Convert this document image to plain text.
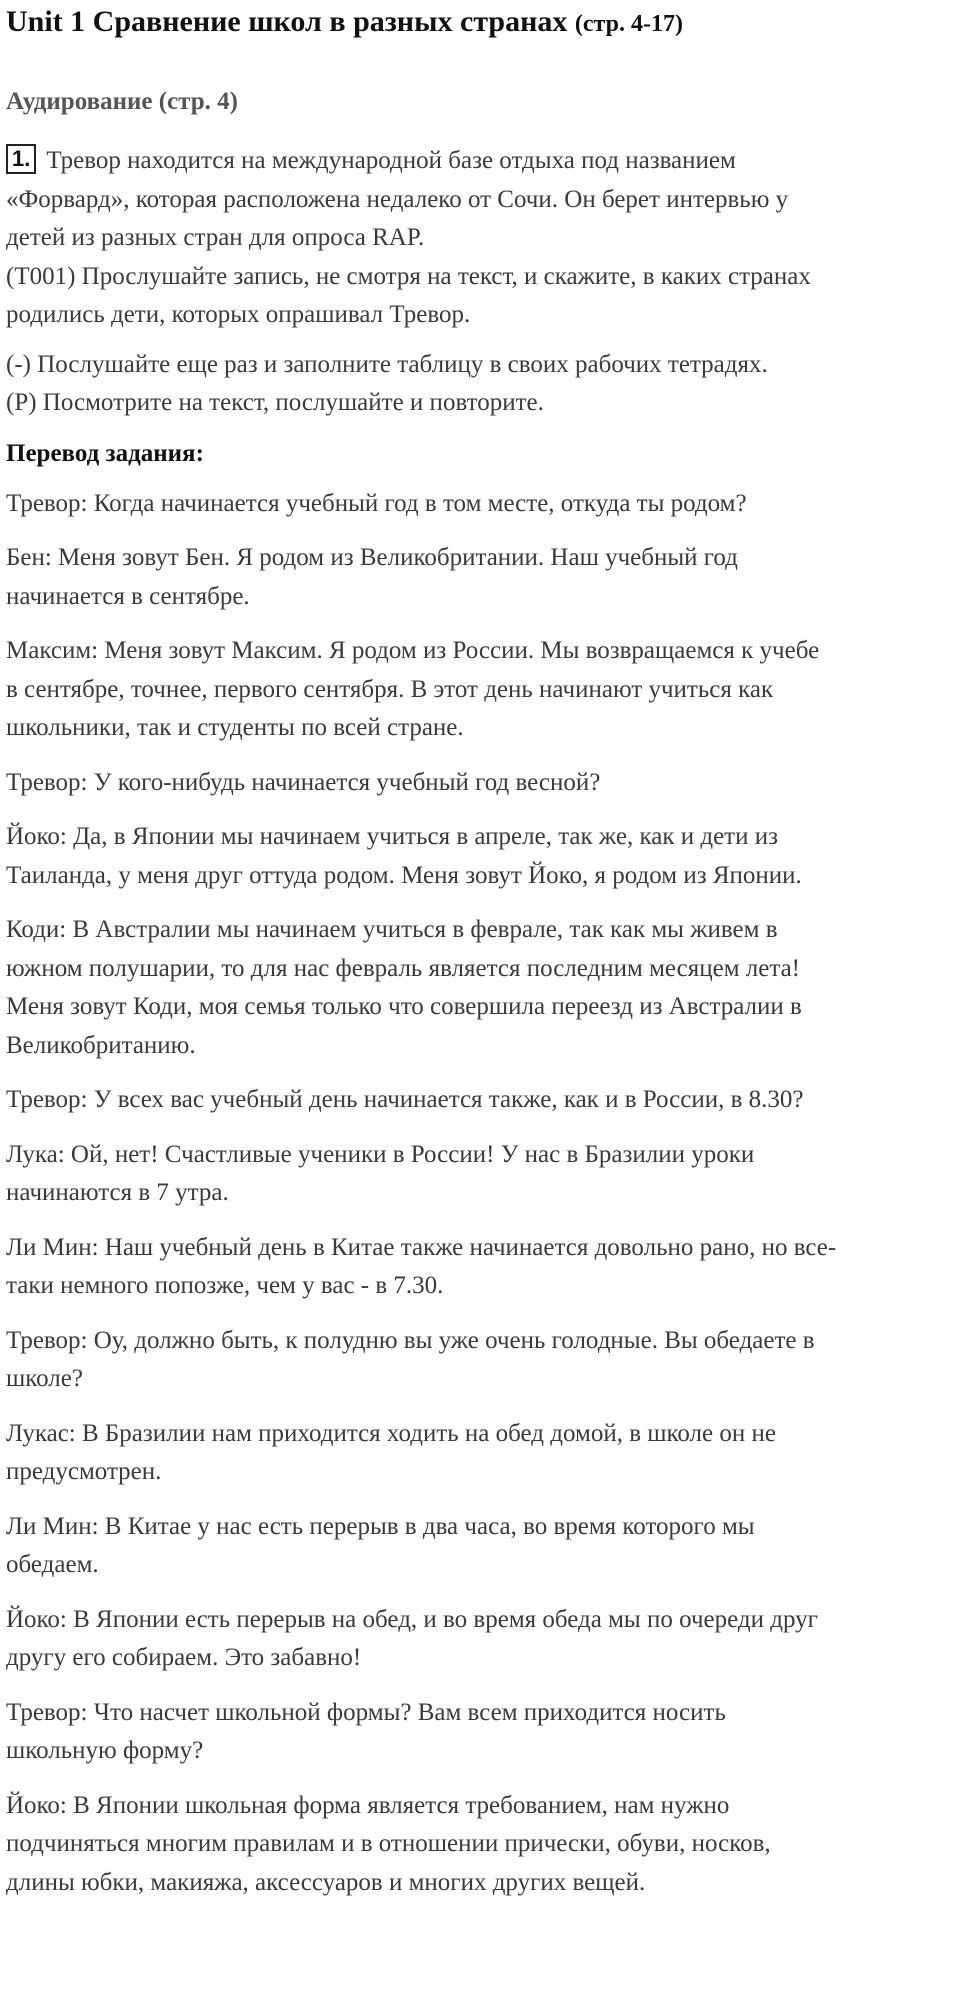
Unit 1 Сравнение школ в разных странах (стр. 4-17)
Аудирование (стр. 4)
1. Тревор находится на международной базе отдыха под названием
«Форвард», которая расположена недалеко от Сочи. Он берет интервью у
детей из разных стран для опроса RAP.
(T001) Прослушайте запись, не смотря на текст, и скажите, в каких странах
родились дети, которых опрашивал Тревор.
(-) Послушайте еще раз и заполните таблицу в своих рабочих тетрадях.
(P) Посмотрите на текст, послушайте и повторите.
Перевод задания:

Тревор: Когда начинается учебный год в том месте, откуда ты родом?

Бен: Меня зовут Бен. Я родом из Великобритании. Наш учебный год
начинается в сентябре.

Максим: Меня зовут Максим. Я родом из России. Мы возвращаемся к учебе
в сентябре, точнее, первого сентября. В этот день начинают учиться как
школьники, так и студенты по всей стране.

Тревор: У кого-нибудь начинается учебный год весной?

Йоко: Да, в Японии мы начинаем учиться в апреле, так же, как и дети из
Таиланда, у меня друг оттуда родом. Меня зовут Йоко, я родом из Японии.

Коди: В Австралии мы начинаем учиться в феврале, так как мы живем в
южном полушарии, то для нас февраль является последним месяцем лета!
Меня зовут Коди, моя семья только что совершила переезд из Австралии в
Великобританию.

Тревор: У всех вас учебный день начинается также, как и в России, в 8.30?

Лука: Ой, нет! Счастливые ученики в России! У нас в Бразилии уроки
начинаются в 7 утра.

Ли Мин: Наш учебный день в Китае также начинается довольно рано, но все-
таки немного попозже, чем у вас - в 7.30.

Тревор: Оу, должно быть, к полудню вы уже очень голодные. Вы обедаете в
школе?

Лукас: В Бразилии нам приходится ходить на обед домой, в школе он не
предусмотрен.

Ли Мин: В Китае у нас есть перерыв в два часа, во время которого мы
обедаем.

Йоко: В Японии есть перерыв на обед, и во время обеда мы по очереди друг
другу его собираем. Это забавно!

Тревор: Что насчет школьной формы? Вам всем приходится носить
школьную форму?

Йоко: В Японии школьная форма является требованием, нам нужно
подчиняться многим правилам и в отношении прически, обуви, носков,
длины юбки, макияжа, аксессуаров и многих других вещей.
